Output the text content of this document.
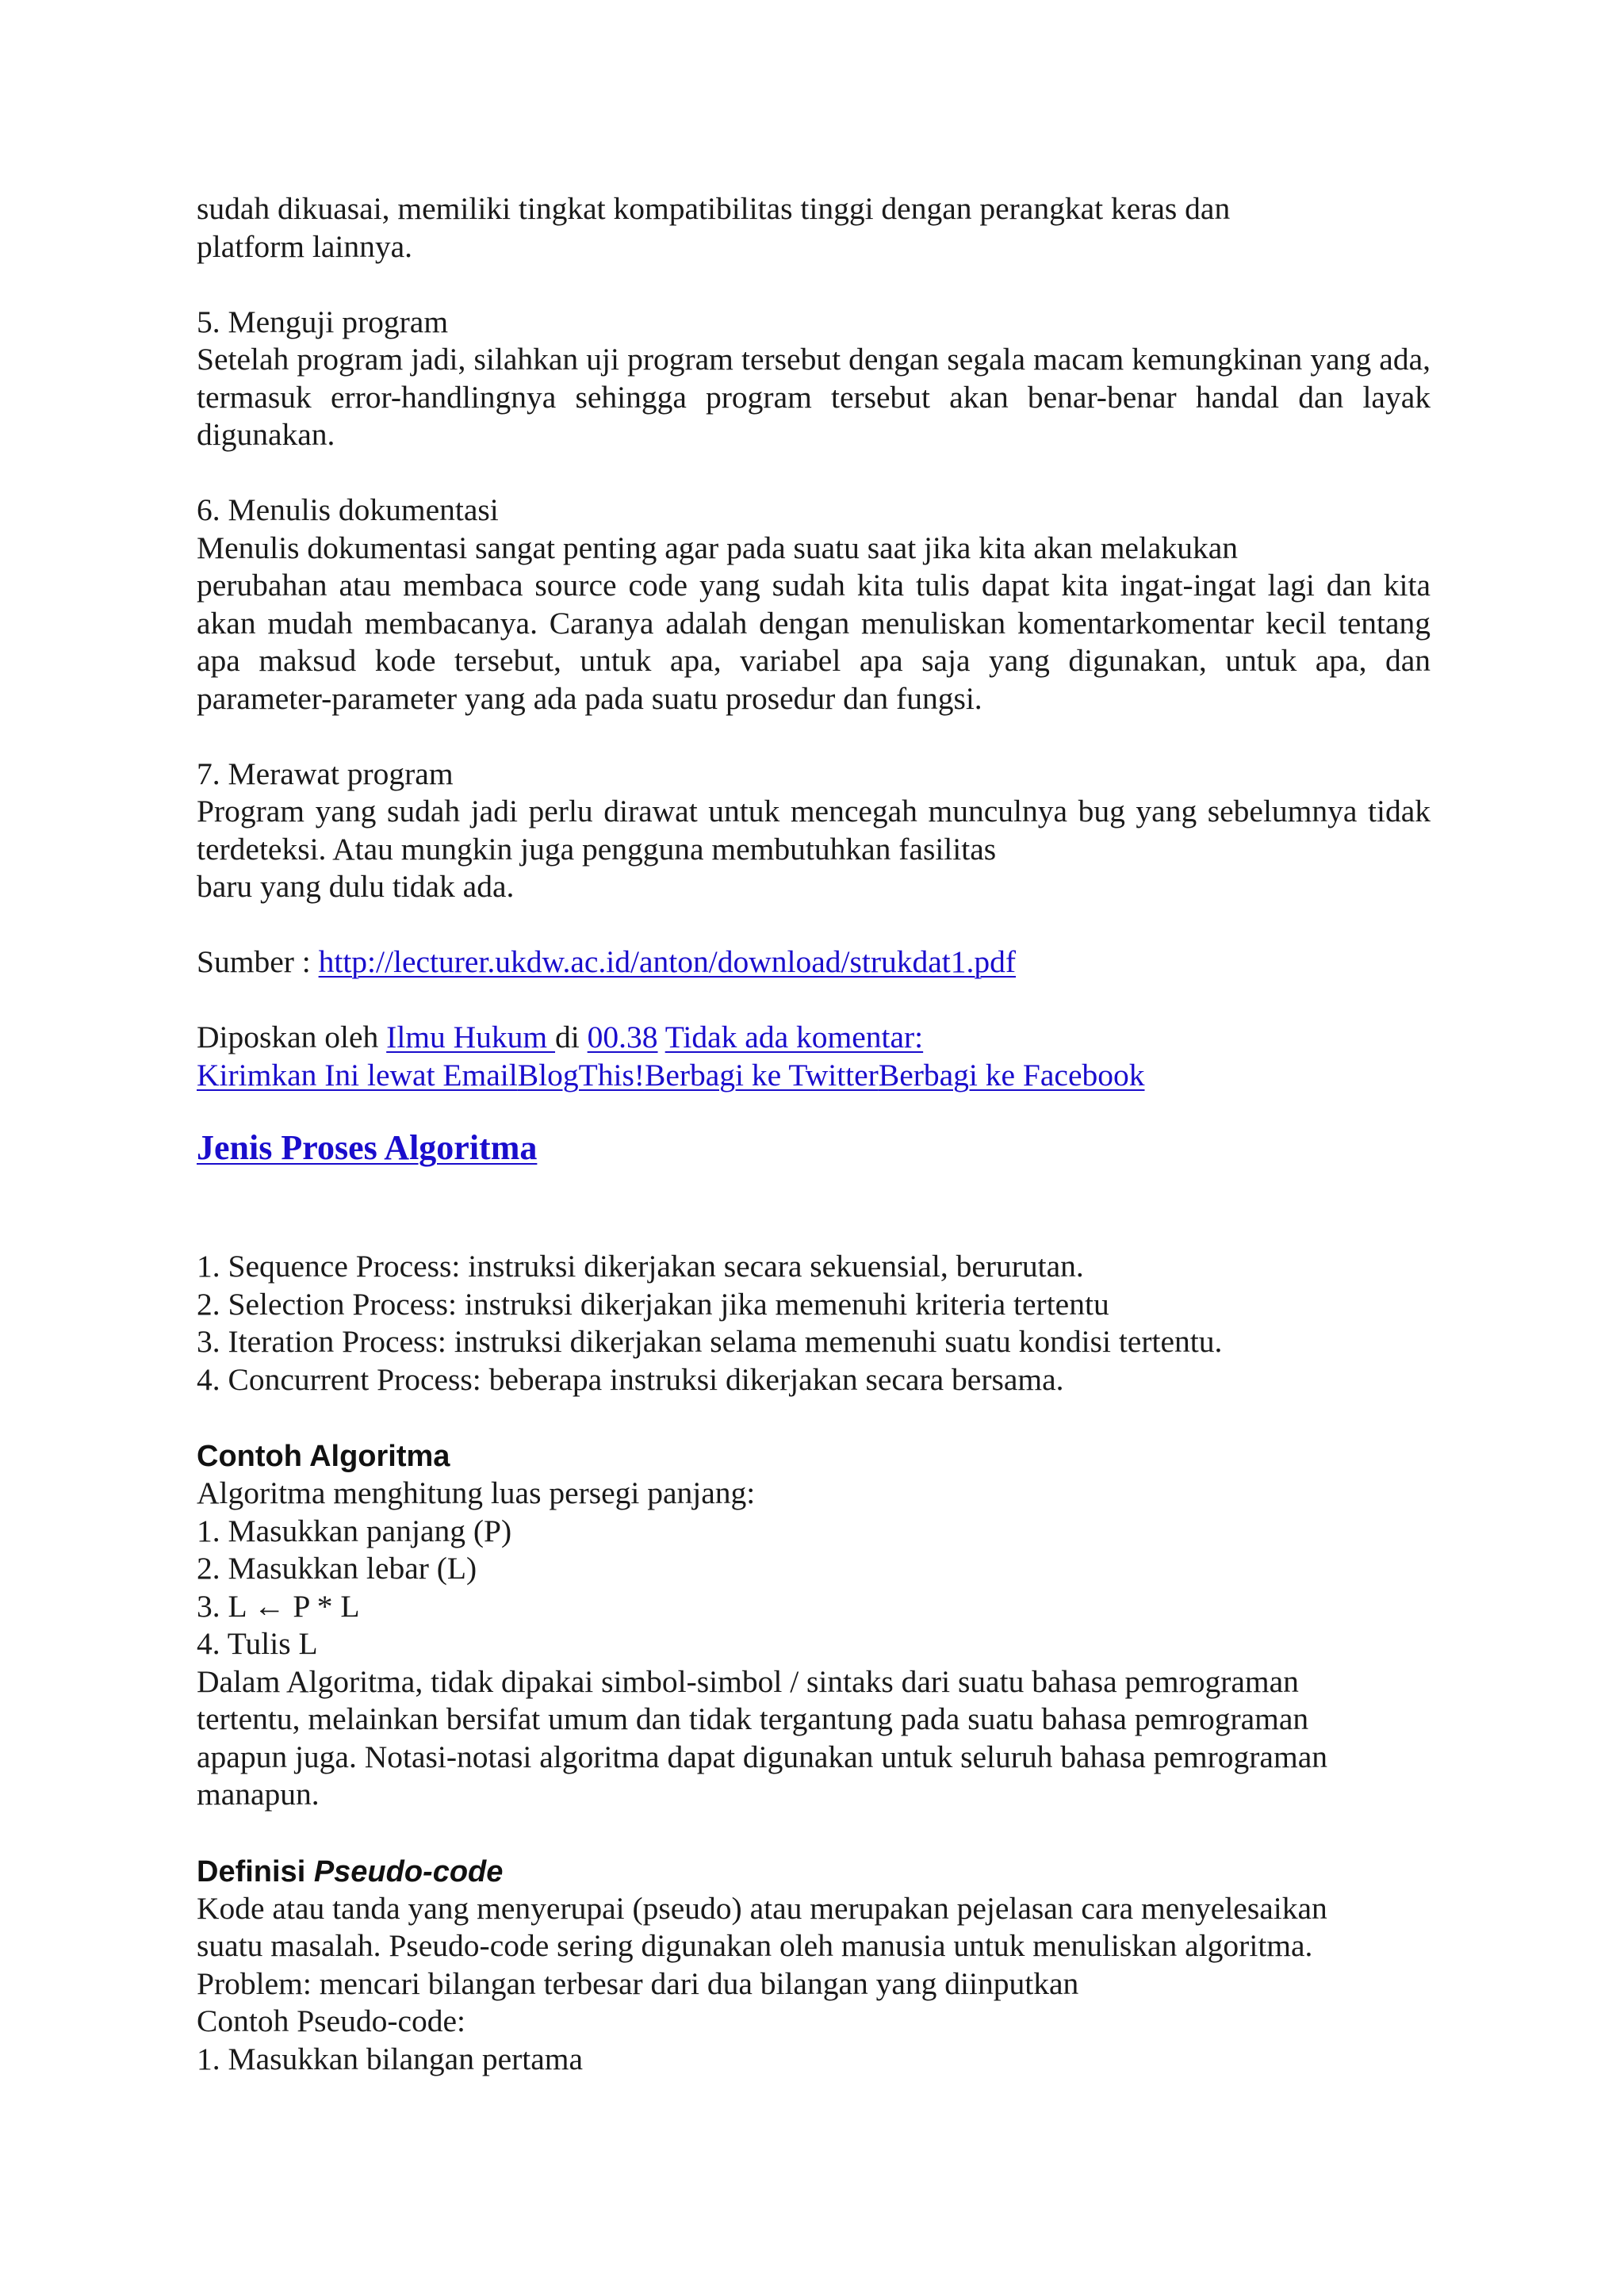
sudah dikuasai, memiliki tingkat kompatibilitas tinggi dengan perangkat keras dan
platform lainnya.

5. Menguji program

Setelah program jadi, silahkan uji program tersebut dengan segala macam kemungkinan yang ada, termasuk error-handlingnya sehingga program tersebut akan benar-benar handal dan layak digunakan.

6. Menulis dokumentasi

Menulis dokumentasi sangat penting agar pada suatu saat jika kita akan melakukan

perubahan atau membaca source code yang sudah kita tulis dapat kita ingat-ingat lagi dan kita akan mudah membacanya. Caranya adalah dengan menuliskan komentarkomentar kecil tentang apa maksud kode tersebut, untuk apa, variabel apa saja yang digunakan, untuk apa, dan parameter-parameter yang ada pada suatu prosedur dan fungsi.

7. Merawat program

Program yang sudah jadi perlu dirawat untuk mencegah munculnya bug yang sebelumnya tidak terdeteksi. Atau mungkin juga pengguna membutuhkan fasilitas

baru yang dulu tidak ada.

Sumber : http://lecturer.ukdw.ac.id/anton/download/strukdat1.pdf

Diposkan oleh Ilmu Hukum di 00.38 Tidak ada komentar:

Kirimkan Ini lewat EmailBlogThis!Berbagi ke TwitterBerbagi ke Facebook

Jenis Proses Algoritma

1. Sequence Process: instruksi dikerjakan secara sekuensial, berurutan.

2. Selection Process: instruksi dikerjakan jika memenuhi kriteria tertentu

3. Iteration Process: instruksi dikerjakan selama memenuhi suatu kondisi tertentu.

4. Concurrent Process: beberapa instruksi dikerjakan secara bersama.

Contoh Algoritma

Algoritma menghitung luas persegi panjang:

1. Masukkan panjang (P)

2. Masukkan lebar (L)

3. L ← P * L

4. Tulis L

Dalam Algoritma, tidak dipakai simbol-simbol / sintaks dari suatu bahasa pemrograman

tertentu, melainkan bersifat umum dan tidak tergantung pada suatu bahasa pemrograman

apapun juga. Notasi-notasi algoritma dapat digunakan untuk seluruh bahasa pemrograman

manapun.

Definisi Pseudo-code

Kode atau tanda yang menyerupai (pseudo) atau merupakan pejelasan cara menyelesaikan

suatu masalah. Pseudo-code sering digunakan oleh manusia untuk menuliskan algoritma.

Problem: mencari bilangan terbesar dari dua bilangan yang diinputkan

Contoh Pseudo-code:

1. Masukkan bilangan pertama
